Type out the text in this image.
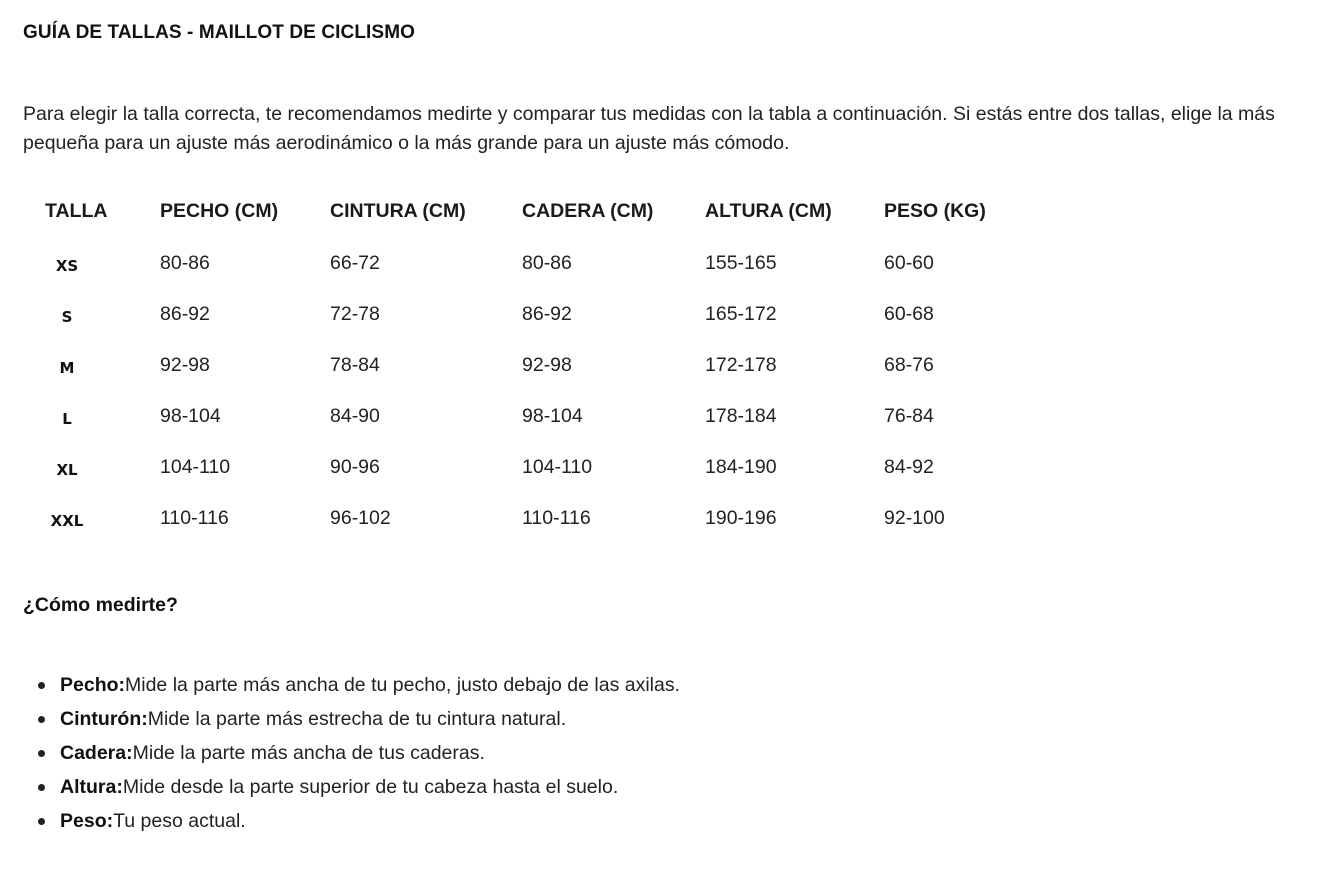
GUÍA DE TALLAS - MAILLOT DE CICLISMO

Para elegir la talla correcta, te recomendamos medirte y comparar tus medidas con la tabla a continuación. Si estás entre dos tallas, elige la más pequeña para un ajuste más aerodinámico o la más grande para un ajuste más cómodo.

TALLA	PECHO (CM)	CINTURA (CM)	CADERA (CM)	ALTURA (CM)	PESO (KG)
XS	80-86	66-72	80-86	155-165	60-60
S	86-92	72-78	86-92	165-172	60-68
M	92-98	78-84	92-98	172-178	68-76
L	98-104	84-90	98-104	178-184	76-84
XL	104-110	90-96	104-110	184-190	84-92
XXL	110-116	96-102	110-116	190-196	92-100
¿Cómo medirte?
Pecho:Mide la parte más ancha de tu pecho, justo debajo de las axilas.
Cinturón:Mide la parte más estrecha de tu cintura natural.
Cadera:Mide la parte más ancha de tus caderas.
Altura:Mide desde la parte superior de tu cabeza hasta el suelo.
Peso:Tu peso actual.
